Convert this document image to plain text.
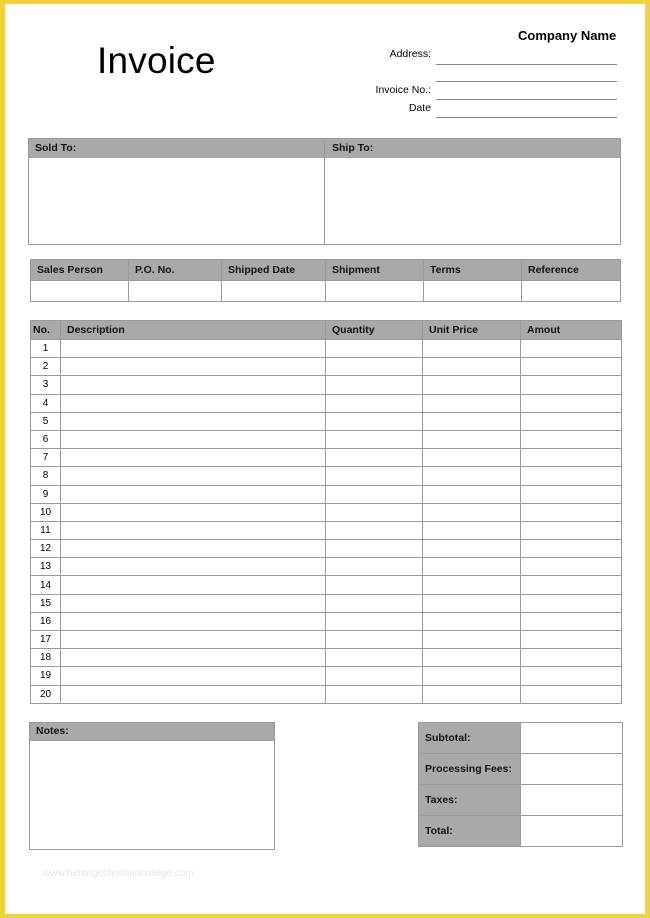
Invoice
Company Name
Address:
Invoice No.:
Date
Sold To:	Ship To:
Sales Person	P.O. No.	Shipped Date	Shipment	Terms	Reference

No.	Description	Quantity	Unit Price	Amout
1				
2				
3				
4				
5				
6				
7				
8				
9				
10				
11				
12				
13				
14				
15				
16				
17				
18				
19				
20				
Notes:
Subtotal:	
Processing Fees:	
Taxes:	
Total:	
www.heritagechristiancollege.com
